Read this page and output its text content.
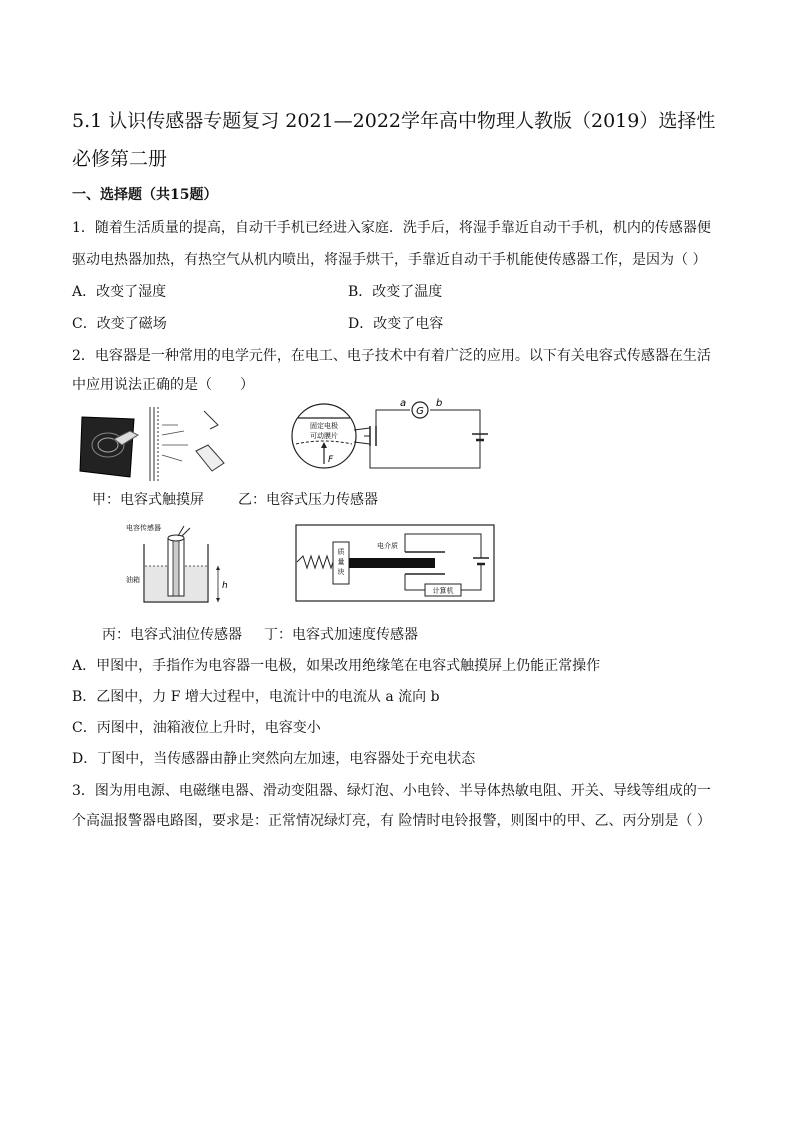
5.1 认识传感器专题复习 2021—2022学年高中物理人教版（2019）选择性必修第二册
一、选择题（共15题）
1．随着生活质量的提高，自动干手机已经进入家庭．洗手后，将湿手靠近自动干手机，机内的传感器便
驱动电热器加热，有热空气从机内喷出，将湿手烘干，手靠近自动干手机能使传感器工作，是因为（ ）
A．改变了湿度	B．改变了温度
C．改变了磁场	D．改变了电容
2．电容器是一种常用的电学元件，在电工、电子技术中有着广泛的应用。以下有关电容式传感器在生活
中应用说法正确的是（　　）
固定电极
可动膜片
F
G
a	b
甲：电容式触摸屏 乙：电容式压力传感器
电容传感器
油箱
h
质
量
块
电介质
计算机
丙：电容式油位传感器 丁：电容式加速度传感器
A．甲图中，手指作为电容器一电极，如果改用绝缘笔在电容式触摸屏上仍能正常操作
B．乙图中，力 F 增大过程中，电流计中的电流从 a 流向 b
C．丙图中，油箱液位上升时，电容变小
D．丁图中，当传感器由静止突然向左加速，电容器处于充电状态
3．图为用电源、电磁继电器、滑动变阻器、绿灯泡、小电铃、半导体热敏电阻、开关、导线等组成的一
个高温报警器电路图，要求是：正常情况绿灯亮，有 险情时电铃报警，则图中的甲、乙、丙分别是（ ）
